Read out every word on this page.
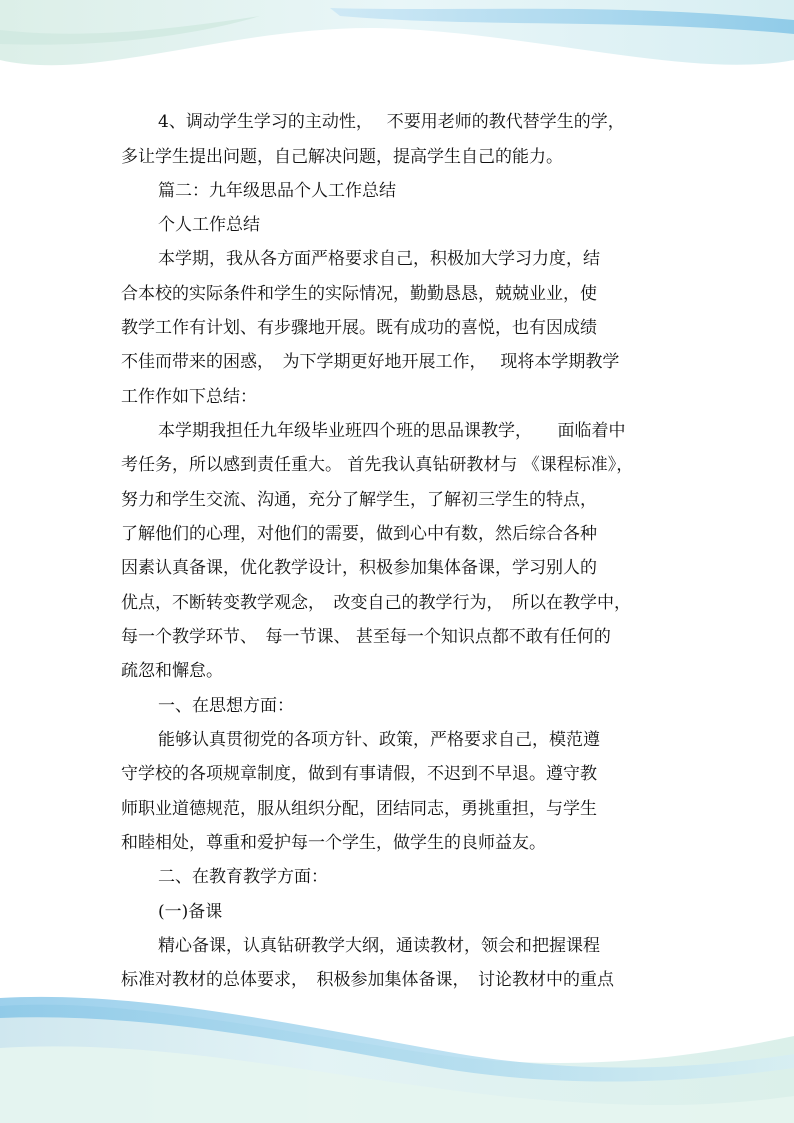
4、调动学生学习的主动性，　 不要用老师的教代替学生的学，
多让学生提出问题，自己解决问题，提高学生自己的能力。
篇二：九年级思品个人工作总结
个人工作总结
本学期，我从各方面严格要求自己，积极加大学习力度，结
合本校的实际条件和学生的实际情况，勤勤恳恳，兢兢业业，使
教学工作有计划、有步骤地开展。既有成功的喜悦，也有因成绩
不佳而带来的困惑，　为下学期更好地开展工作，　 现将本学期教学
工作作如下总结：
本学期我担任九年级毕业班四个班的思品课教学，　　面临着中
考任务，所以感到责任重大。 首先我认真钻研教材与 《课程标准》，
努力和学生交流、沟通，充分了解学生，了解初三学生的特点，
了解他们的心理，对他们的需要，做到心中有数，然后综合各种
因素认真备课，优化教学设计，积极参加集体备课，学习别人的
优点，不断转变教学观念，　改变自己的教学行为，　所以在教学中，
每一个教学环节、　每一节课、 甚至每一个知识点都不敢有任何的
疏忽和懈怠。
一、在思想方面：
能够认真贯彻党的各项方针、政策，严格要求自己，模范遵
守学校的各项规章制度，做到有事请假，不迟到不早退。遵守教
师职业道德规范，服从组织分配，团结同志，勇挑重担，与学生
和睦相处，尊重和爱护每一个学生，做学生的良师益友。
二、在教育教学方面：
(一)备课
精心备课，认真钻研教学大纲，通读教材，领会和把握课程
标准对教材的总体要求，　积极参加集体备课，　讨论教材中的重点
